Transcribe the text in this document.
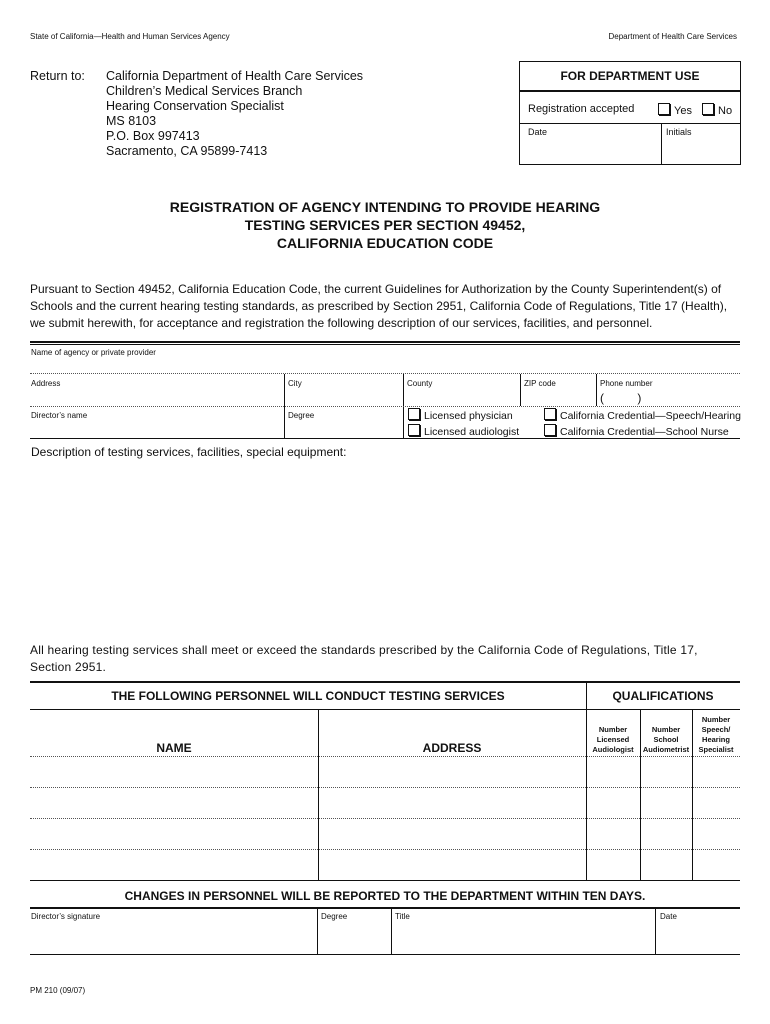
State of California—Health and Human Services Agency	Department of Health Care Services
Return to: California Department of Health Care Services
Children’s Medical Services Branch
Hearing Conservation Specialist
MS 8103
P.O. Box 997413
Sacramento, CA 95899-7413
FOR DEPARTMENT USE
Registration accepted	Yes	No
Date	Initials
REGISTRATION OF AGENCY INTENDING TO PROVIDE HEARING
TESTING SERVICES PER SECTION 49452,
CALIFORNIA EDUCATION CODE
Pursuant to Section 49452, California Education Code, the current Guidelines for Authorization by the County Superintendent(s) of Schools and the current hearing testing standards, as prescribed by Section 2951, California Code of Regulations, Title 17 (Health), we submit herewith, for acceptance and registration the following description of our services, facilities, and personnel.
Name of agency or private provider
Address	City	County	ZIP code	Phone number
(          )
Director’s name	Degree	Licensed physician
Licensed audiologist
California Credential—Speech/Hearing
California Credential—School Nurse
Description of testing services, facilities, special equipment:
All hearing testing services shall meet or exceed the standards prescribed by the California Code of Regulations, Title 17, Section 2951.
THE FOLLOWING PERSONNEL WILL CONDUCT TESTING SERVICES	QUALIFICATIONS
NAME	ADDRESS
Number
Licensed
Audiologist
Number
School
Audiometrist
Number
Speech/
Hearing
Specialist
CHANGES IN PERSONNEL WILL BE REPORTED TO THE DEPARTMENT WITHIN TEN DAYS.
Director’s signature	Degree	Title	Date
PM 210 (09/07)
